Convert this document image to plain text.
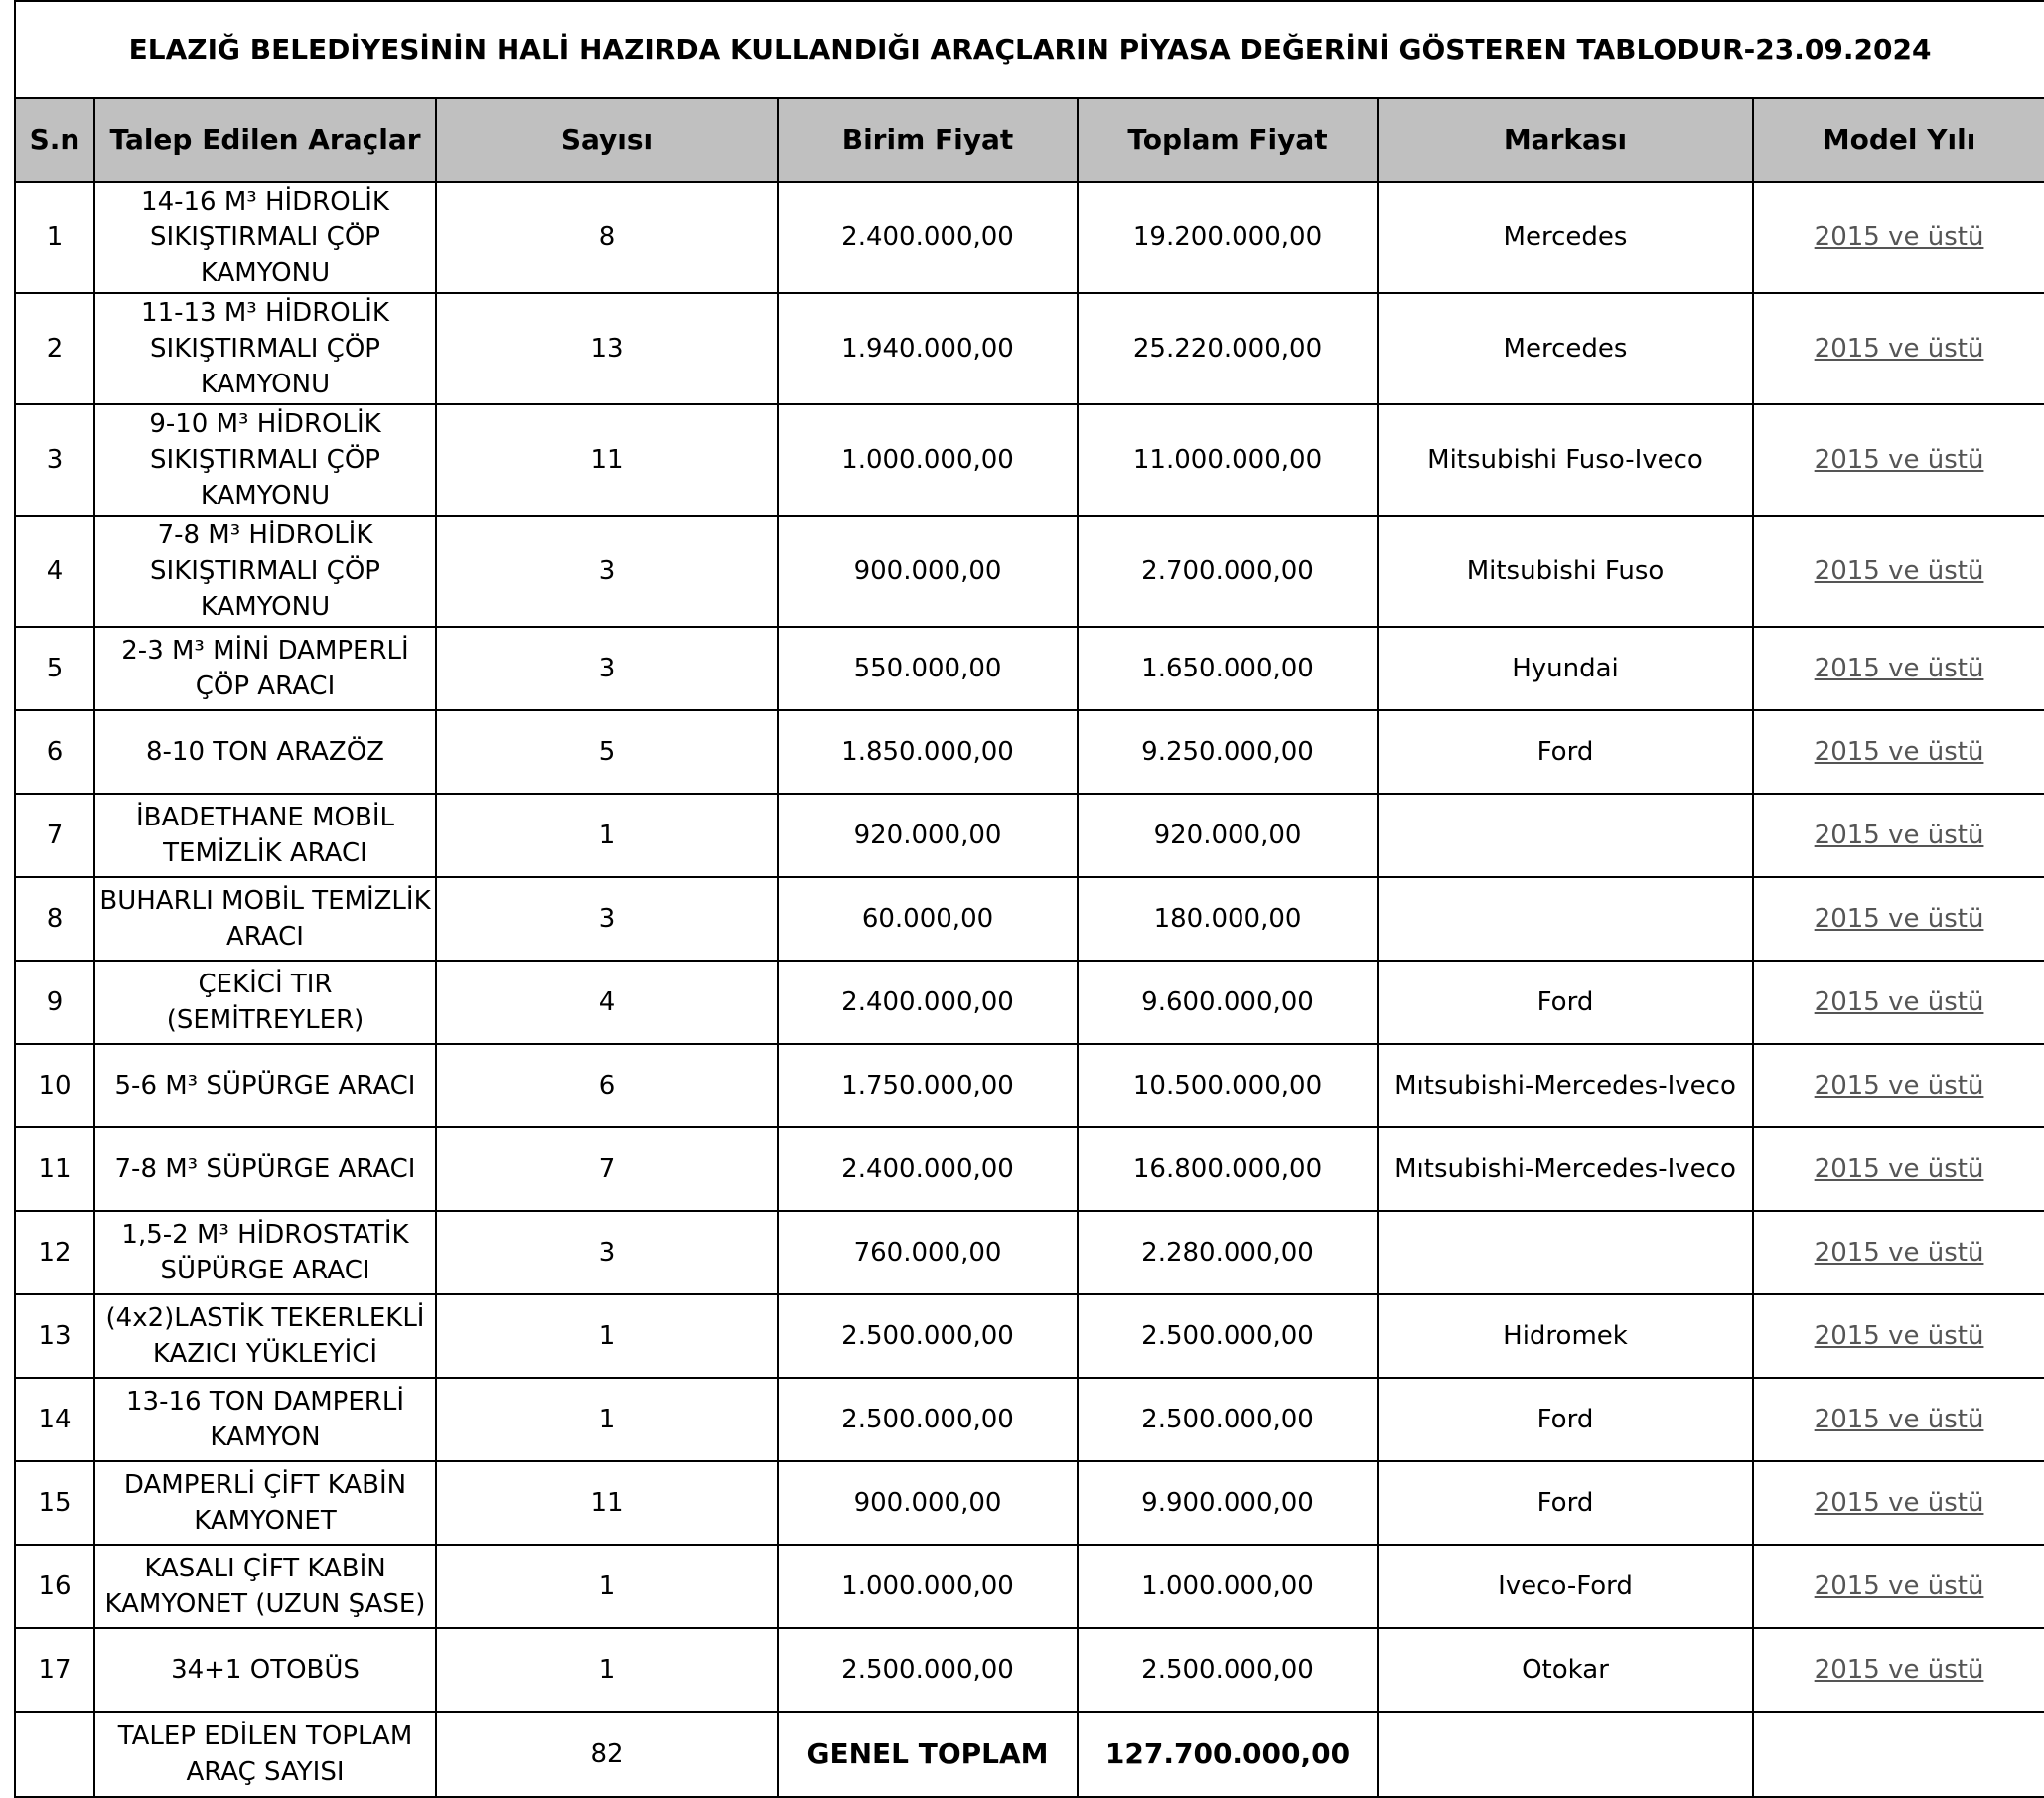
ELAZIĞ BELEDİYESİNİN HALİ HAZIRDA KULLANDIĞI ARAÇLARIN PİYASA DEĞERİNİ GÖSTEREN TABLODUR-23.09.2024						
S.n	Talep Edilen Araçlar	Sayısı	Birim Fiyat	Toplam Fiyat	Markası	Model Yılı
1	14-16 M³ HİDROLİK SIKIŞTIRMALI ÇÖP KAMYONU	8	2.400.000,00	19.200.000,00	Mercedes	2015 ve üstü
2	11-13 M³ HİDROLİK SIKIŞTIRMALI ÇÖP KAMYONU	13	1.940.000,00	25.220.000,00	Mercedes	2015 ve üstü
3	9-10 M³ HİDROLİK SIKIŞTIRMALI ÇÖP KAMYONU	11	1.000.000,00	11.000.000,00	Mitsubishi Fuso-Iveco	2015 ve üstü
4	7-8 M³ HİDROLİK SIKIŞTIRMALI ÇÖP KAMYONU	3	900.000,00	2.700.000,00	Mitsubishi Fuso	2015 ve üstü
5	2-3 M³ MİNİ DAMPERLİ ÇÖP ARACI	3	550.000,00	1.650.000,00	Hyundai	2015 ve üstü
6	8-10 TON ARAZÖZ	5	1.850.000,00	9.250.000,00	Ford	2015 ve üstü
7	İBADETHANE MOBİL TEMİZLİK ARACI	1	920.000,00	920.000,00		2015 ve üstü
8	BUHARLI MOBİL TEMİZLİK ARACI	3	60.000,00	180.000,00		2015 ve üstü
9	ÇEKİCİ TIR (SEMİTREYLER)	4	2.400.000,00	9.600.000,00	Ford	2015 ve üstü
10	5-6 M³ SÜPÜRGE ARACI	6	1.750.000,00	10.500.000,00	Mıtsubishi-Mercedes-Iveco	2015 ve üstü
11	7-8 M³ SÜPÜRGE ARACI	7	2.400.000,00	16.800.000,00	Mıtsubishi-Mercedes-Iveco	2015 ve üstü
12	1,5-2 M³ HİDROSTATİK SÜPÜRGE ARACI	3	760.000,00	2.280.000,00		2015 ve üstü
13	(4x2)LASTİK TEKERLEKLİ KAZICI YÜKLEYİCİ	1	2.500.000,00	2.500.000,00	Hidromek	2015 ve üstü
14	13-16 TON DAMPERLİ KAMYON	1	2.500.000,00	2.500.000,00	Ford	2015 ve üstü
15	DAMPERLİ ÇİFT KABİN KAMYONET	11	900.000,00	9.900.000,00	Ford	2015 ve üstü
16	KASALI ÇİFT KABİN KAMYONET (UZUN ŞASE)	1	1.000.000,00	1.000.000,00	Iveco-Ford	2015 ve üstü
17	34+1 OTOBÜS	1	2.500.000,00	2.500.000,00	Otokar	2015 ve üstü
	TALEP EDİLEN TOPLAM ARAÇ SAYISI	82	GENEL TOPLAM	127.700.000,00		
